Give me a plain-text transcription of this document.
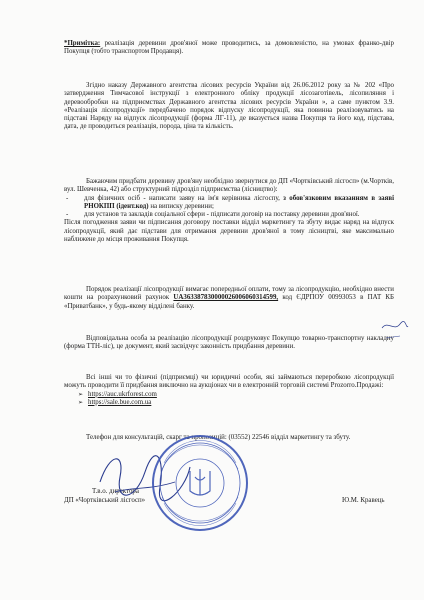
*Примітка: реалізація деревини дров'яної може проводитись, за домовленістю, на умовах франко-двір Покупця (тобто транспортом Продавця).
Згідно наказу Державного агентства лісових ресурсів України від 26.06.2012 року за № 202 «Про затвердження Тимчасової інструкції з електронного обліку продукції лісозаготівель, лісопиляння і деревообробки на підприємствах Державного агентства лісових ресурсів України », а саме пунктом 3.9. «Реалізація лісопродукції» передбачено порядок відпуску лісопродукції, яка повинна реалізовуватись на підставі Наряду на відпуск лісопродукції (форма ЛГ-11), де вказується назва Покупця та його код, підстава, дата, де проводиться реалізація, порода, ціна та кількість.
Бажаючим придбати деревину дров'яну необхідно звернутися до ДП «Чортківський лісгосп» (м.Чортків, вул. Шевченка, 42) або структурний підрозділ підприємства (лісництво):
- для фізичних осіб - написати заяву на ім'я керівника лісгоспу, з обов'язковим вказанням в заяві РНОКПП (ідент.код) на виписку деревини;
- для установ та закладів соціальної сфери - підписати договір на поставку деревини дров'яної.
Після погодження заяви чи підписання договору поставки відділ маркетингу та збуту видає наряд на відпуск лісопродукції, який дає підстави для отримання деревини дров'яної в тому лісництві, яке максимально наближене до місця проживання Покупця.
Порядок реалізації лісопродукції вимагає попередньої оплати, тому за лісопродукцію, необхідно внести кошти на розрахунковий рахунок UA363387830000026006060314599, код ЄДРПОУ 00993053 в ПАТ КБ «Приватбанк», у будь-якому відділені банку.
Відповідальна особа за реалізацію лісопродукції роздруковує Покупцю товарно-транспортну накладну (форма ТТН-ліс), це документ, який засвідчує законність придбання деревини.
Всі інші чи то фізичні (підприємці) чи юридичні особи, які займаються переробкою лісопродукції можуть проводити її придбання виключно на аукціонах чи в електронній торговій системі Prozorro.Продажі:
➢ https://auc.ukrforest.com
➢ https://sale.bue.com.ua
Телефон для консультацій, скарг та пропозицій: (03552) 22546 відділ маркетингу та збуту.
Т.в.о. директора
ДП «Чортківський лісгосп»	Ю.М. Кравець
